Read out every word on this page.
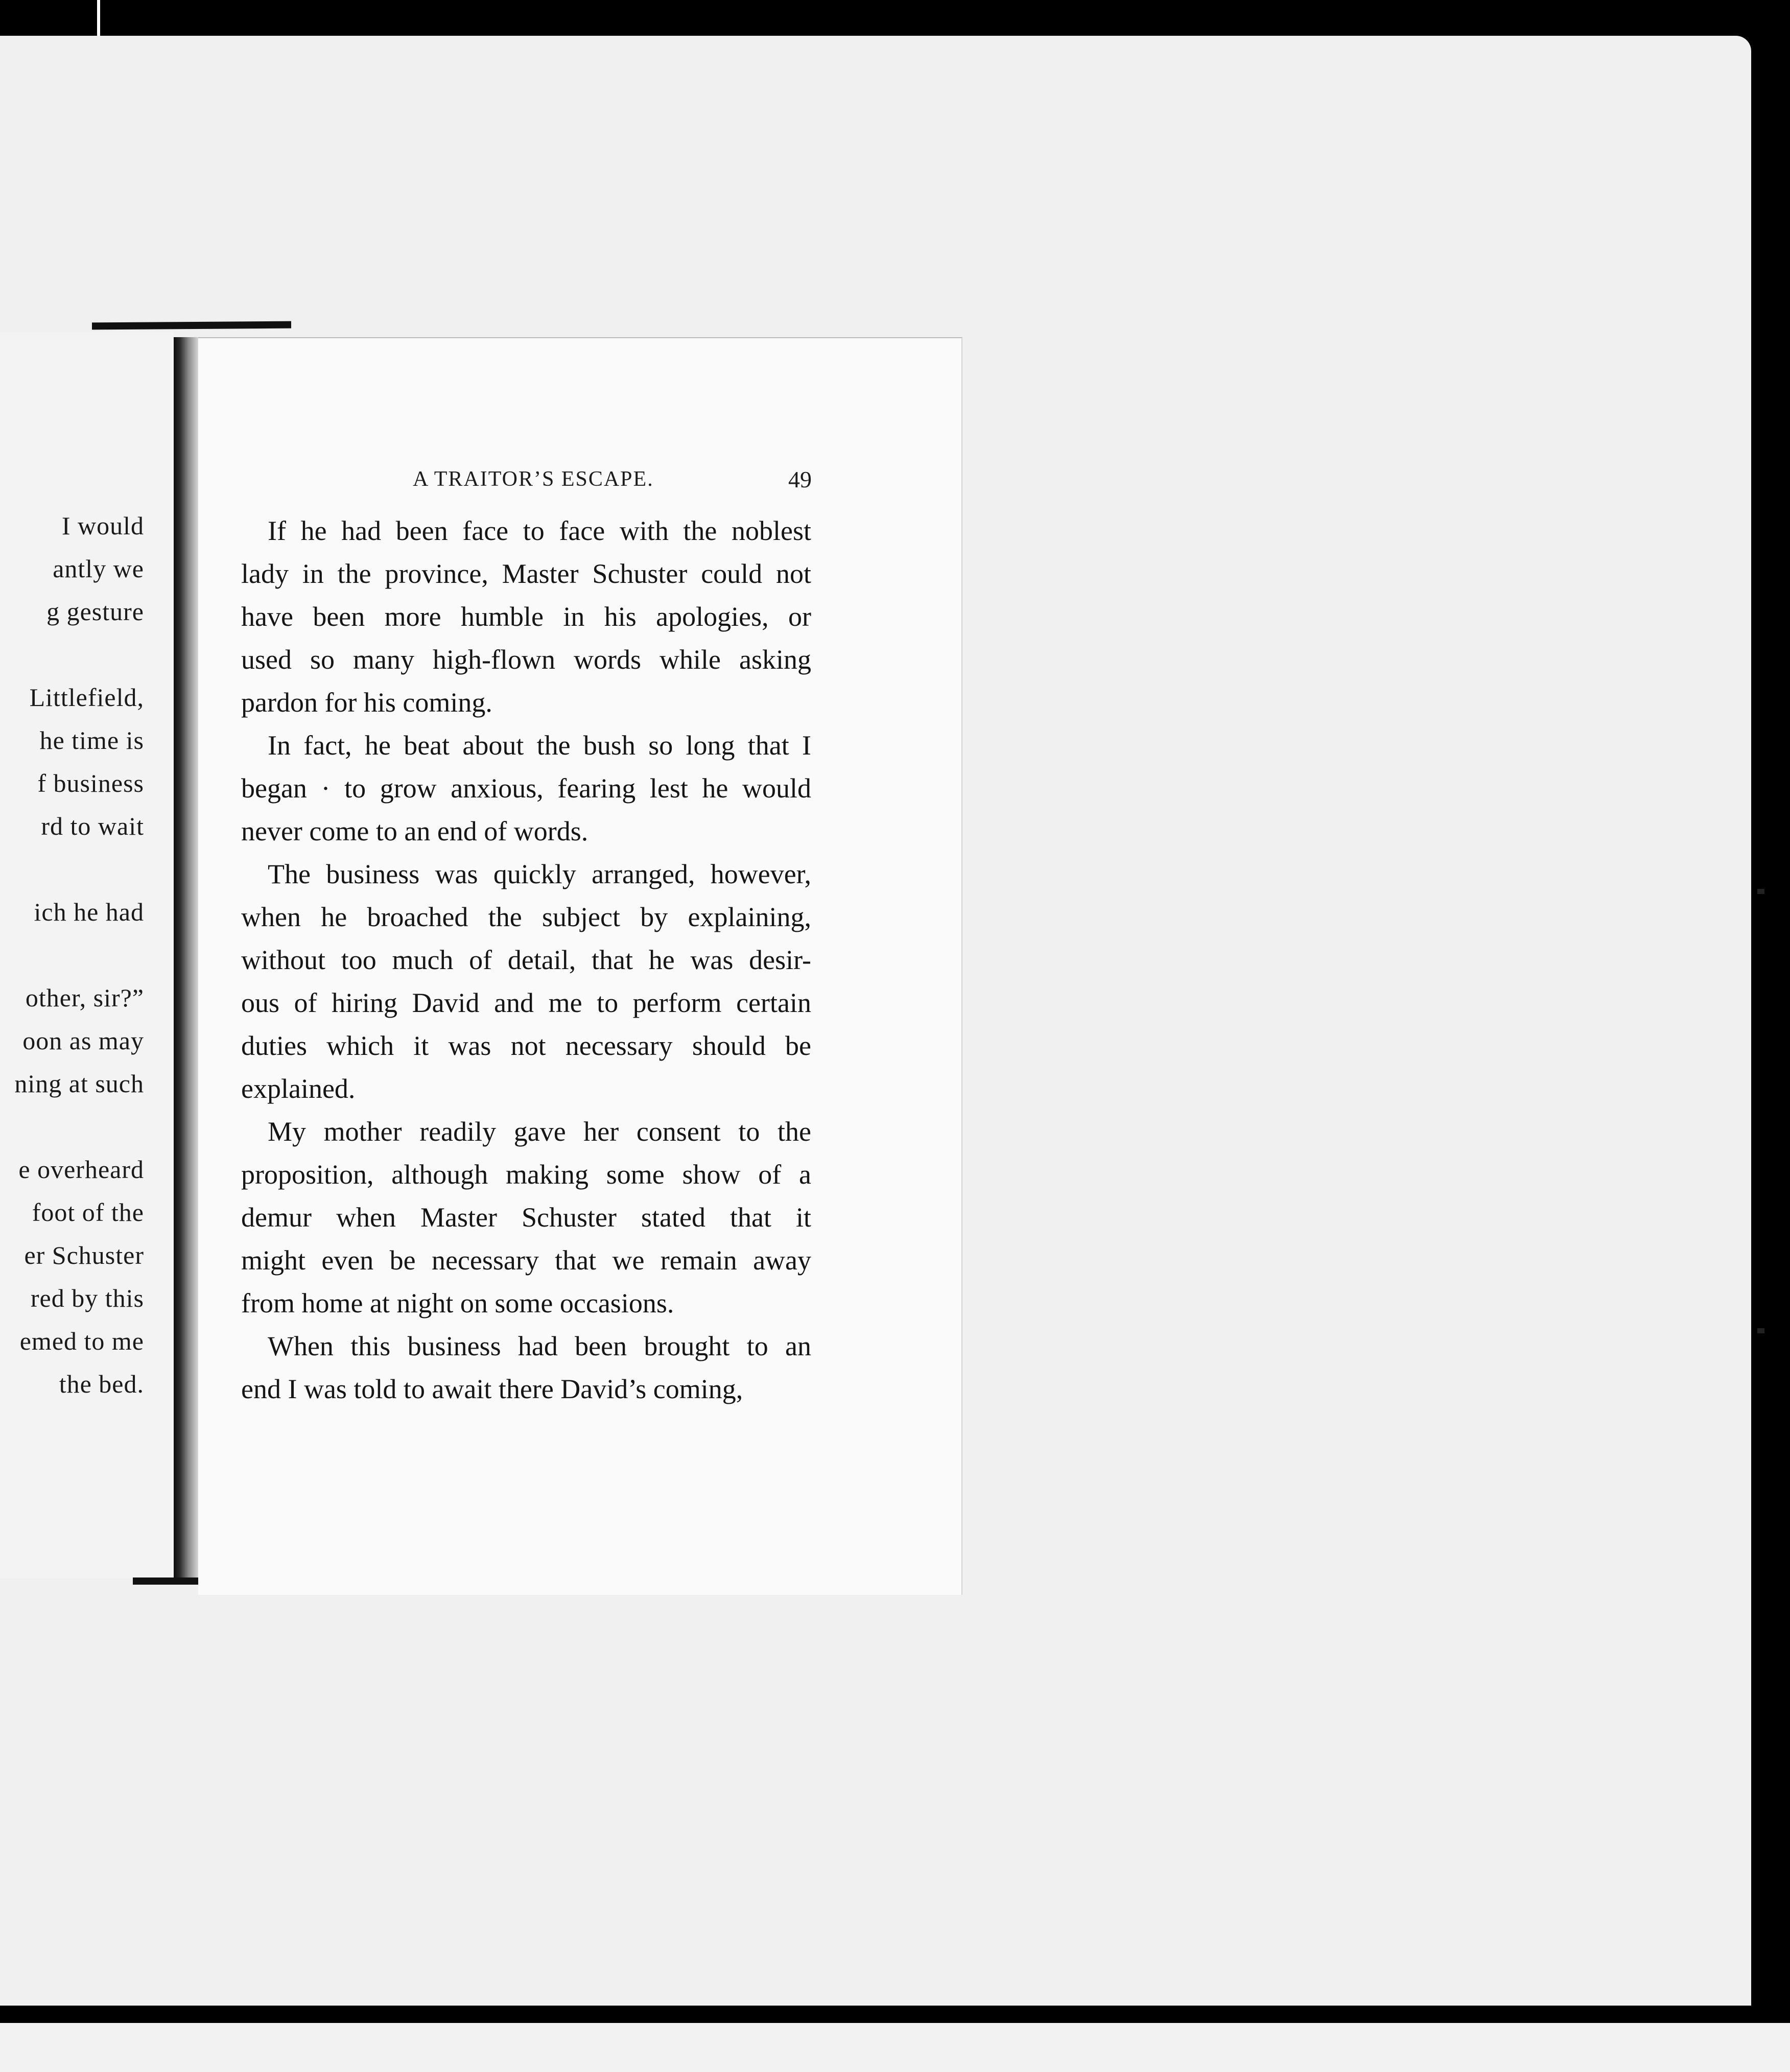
I would
antly we
g gesture
Littlefield,
he time is
f business
rd to wait
ich he had
other, sir?”
oon as may
ning at such
e overheard
foot of the
er Schuster
red by this
emed to me
the bed.
A TRAITOR’S ESCAPE.	49
If he had been face to face with the noblest
lady in the province, Master Schuster could not
have been more humble in his apologies, or
used so many high-flown words while asking
pardon for his coming.
In fact, he beat about the bush so long that I
began · to grow anxious, fearing lest he would
never come to an end of words.
The business was quickly arranged, however,
when he broached the subject by explaining,
without too much of detail, that he was desir-
ous of hiring David and me to perform certain
duties which it was not necessary should be
explained.
My mother readily gave her consent to the
proposition, although making some show of a
demur when Master Schuster stated that it
might even be necessary that we remain away
from home at night on some occasions.
When this business had been brought to an
end I was told to await there David’s coming,
